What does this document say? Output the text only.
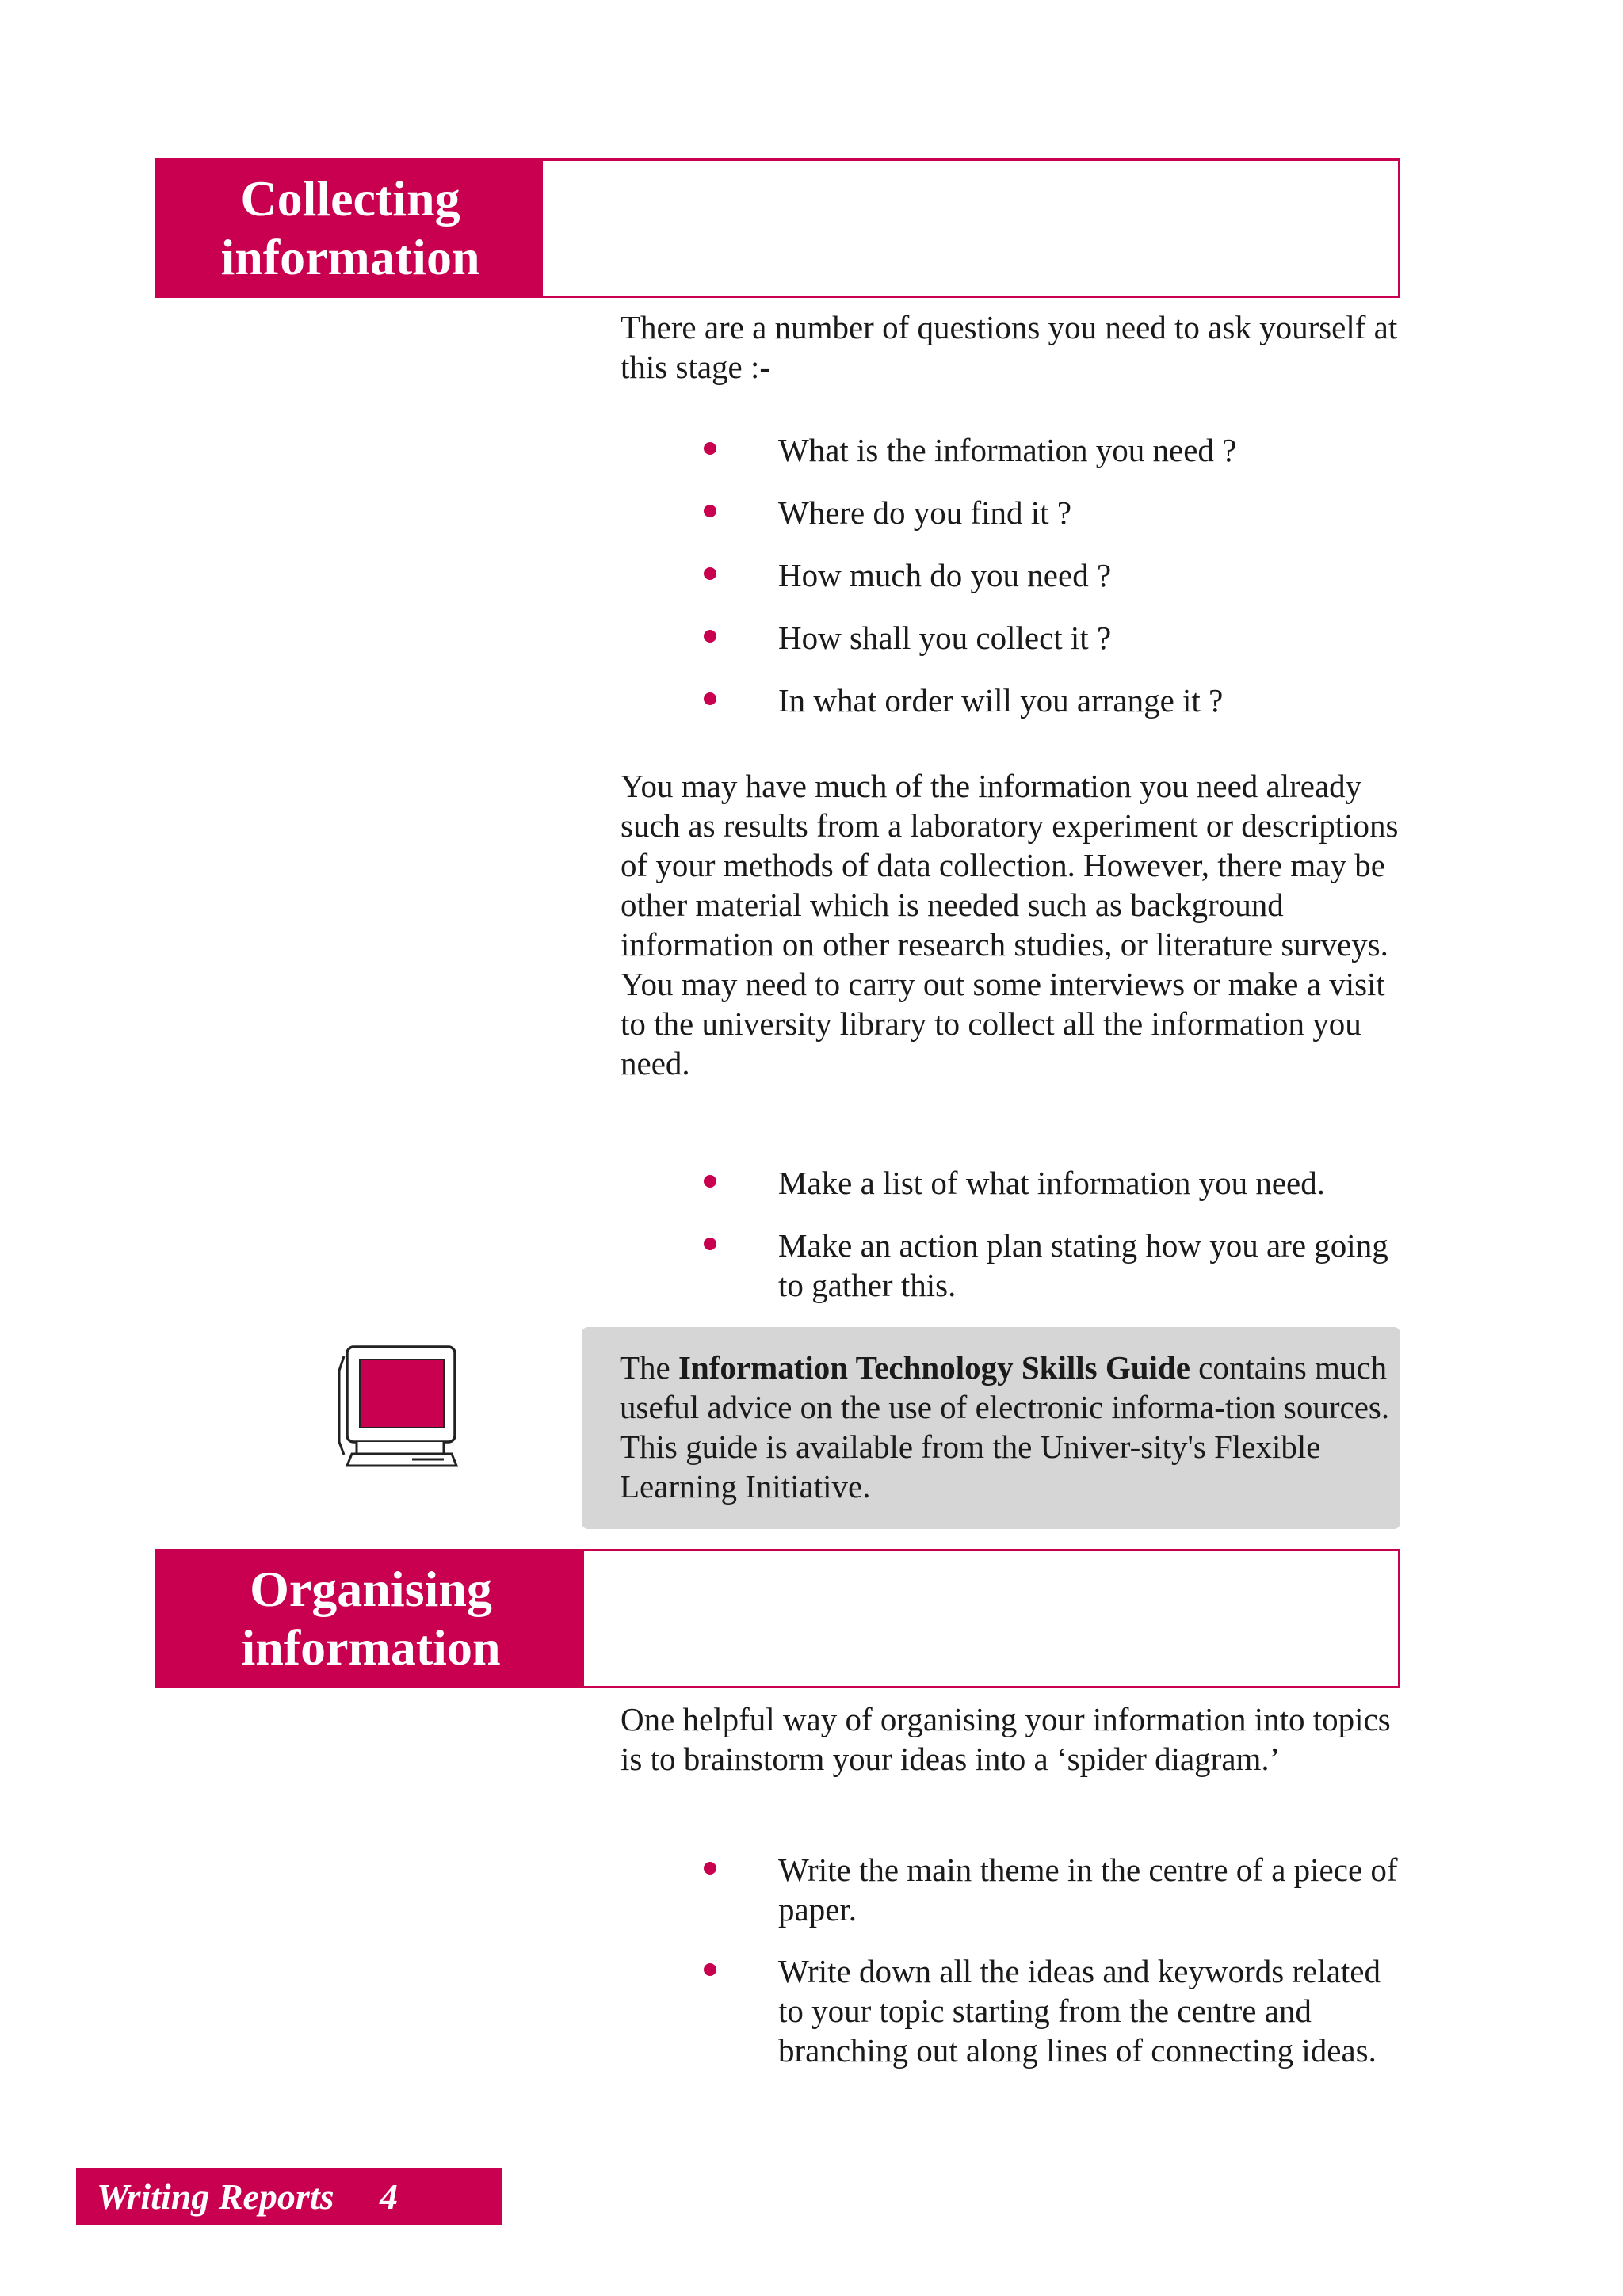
Collecting
information

There are a number of questions you need to ask yourself at this stage :-

What is the information you need ?
Where do you find it ?
How much do you need ?
How shall you collect it ?
In what order will you arrange it ?

You may have much of the information you need already such as results from a laboratory experiment or descriptions of your methods of data collection. However, there may be other material which is needed such as background information on other research studies, or literature surveys. You may need to carry out some interviews or make a visit to the university library to collect all the information you need.

Make a list of what information you need.
Make an action plan stating how you are going to gather this.
The Information Technology Skills Guide contains much useful advice on the use of electronic informa-tion sources. This guide is available from the Univer-sity's Flexible Learning Initiative.
Organising
information

One helpful way of organising your information into topics is to brainstorm your ideas into a ‘spider diagram.’

Write the main theme in the centre of a piece of paper.
Write down all the ideas and keywords related to your topic starting from the centre and branching out along lines of connecting ideas.
Writing Reports 4
